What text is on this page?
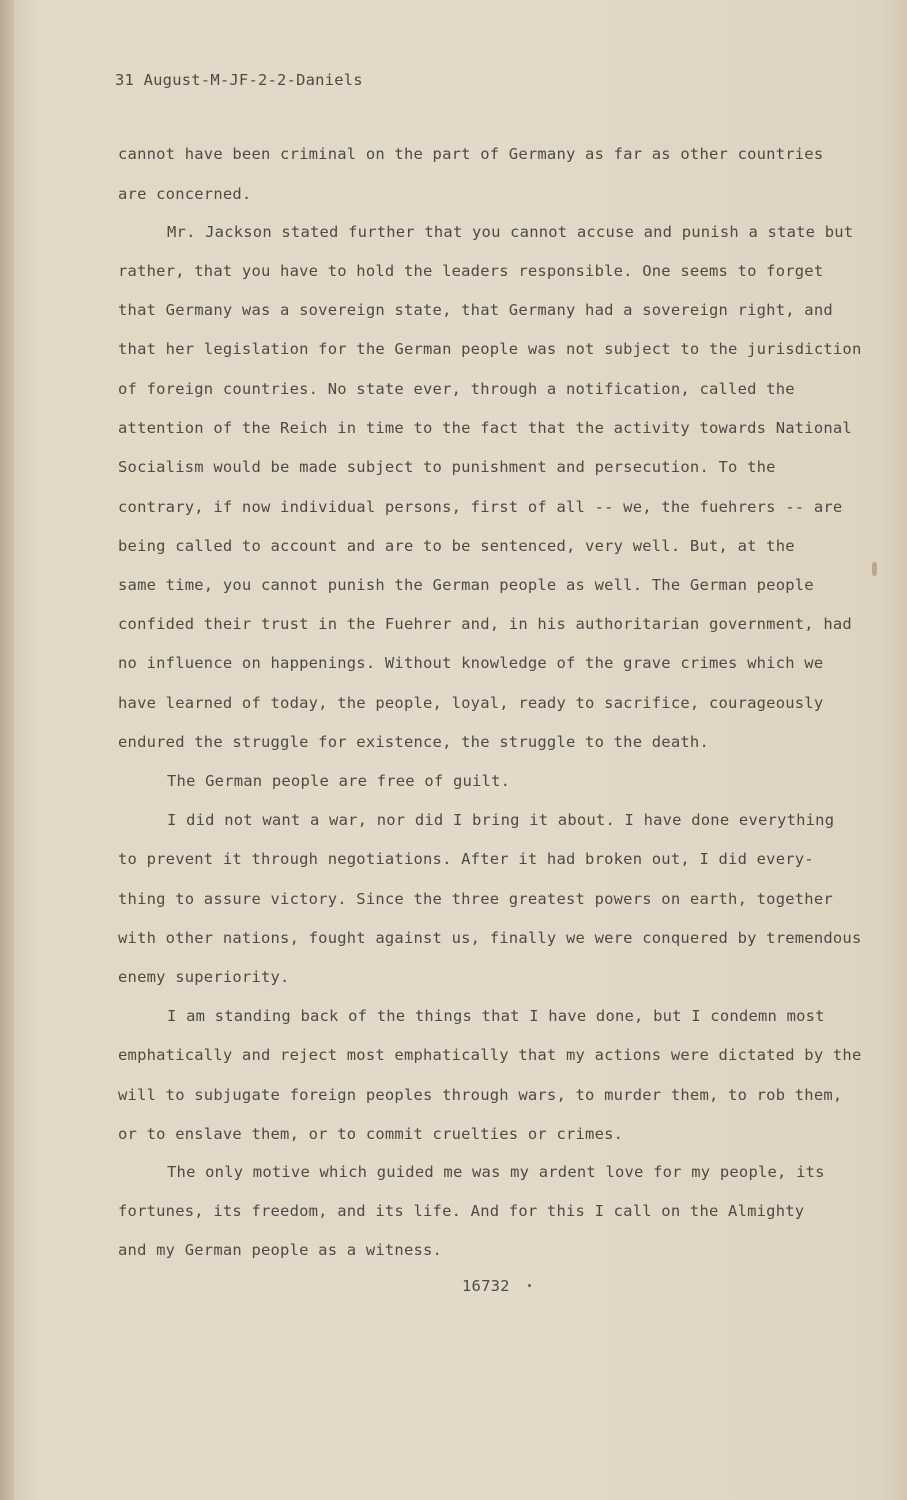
31 August-M-JF-2-2-Daniels
cannot have been criminal on the part of Germany as far as other countries
are concerned.
Mr. Jackson stated further that you cannot accuse and punish a state but
rather, that you have to hold the leaders responsible. One seems to forget
that Germany was a sovereign state, that Germany had a sovereign right, and
that her legislation for the German people was not subject to the jurisdiction
of foreign countries. No state ever, through a notification, called the
attention of the Reich in time to the fact that the activity towards National
Socialism would be made subject to punishment and persecution. To the
contrary, if now individual persons, first of all -- we, the fuehrers -- are
being called to account and are to be sentenced, very well. But, at the
same time, you cannot punish the German people as well. The German people
confided their trust in the Fuehrer and, in his authoritarian government, had
no influence on happenings. Without knowledge of the grave crimes which we
have learned of today, the people, loyal, ready to sacrifice, courageously
endured the struggle for existence, the struggle to the death.
The German people are free of guilt.
I did not want a war, nor did I bring it about. I have done everything
to prevent it through negotiations. After it had broken out, I did every-
thing to assure victory. Since the three greatest powers on earth, together
with other nations, fought against us, finally we were conquered by tremendous
enemy superiority.
I am standing back of the things that I have done, but I condemn most
emphatically and reject most emphatically that my actions were dictated by the
will to subjugate foreign peoples through wars, to murder them, to rob them,
or to enslave them, or to commit cruelties or crimes.
The only motive which guided me was my ardent love for my people, its
fortunes, its freedom, and its life. And for this I call on the Almighty
and my German people as a witness.
16732
